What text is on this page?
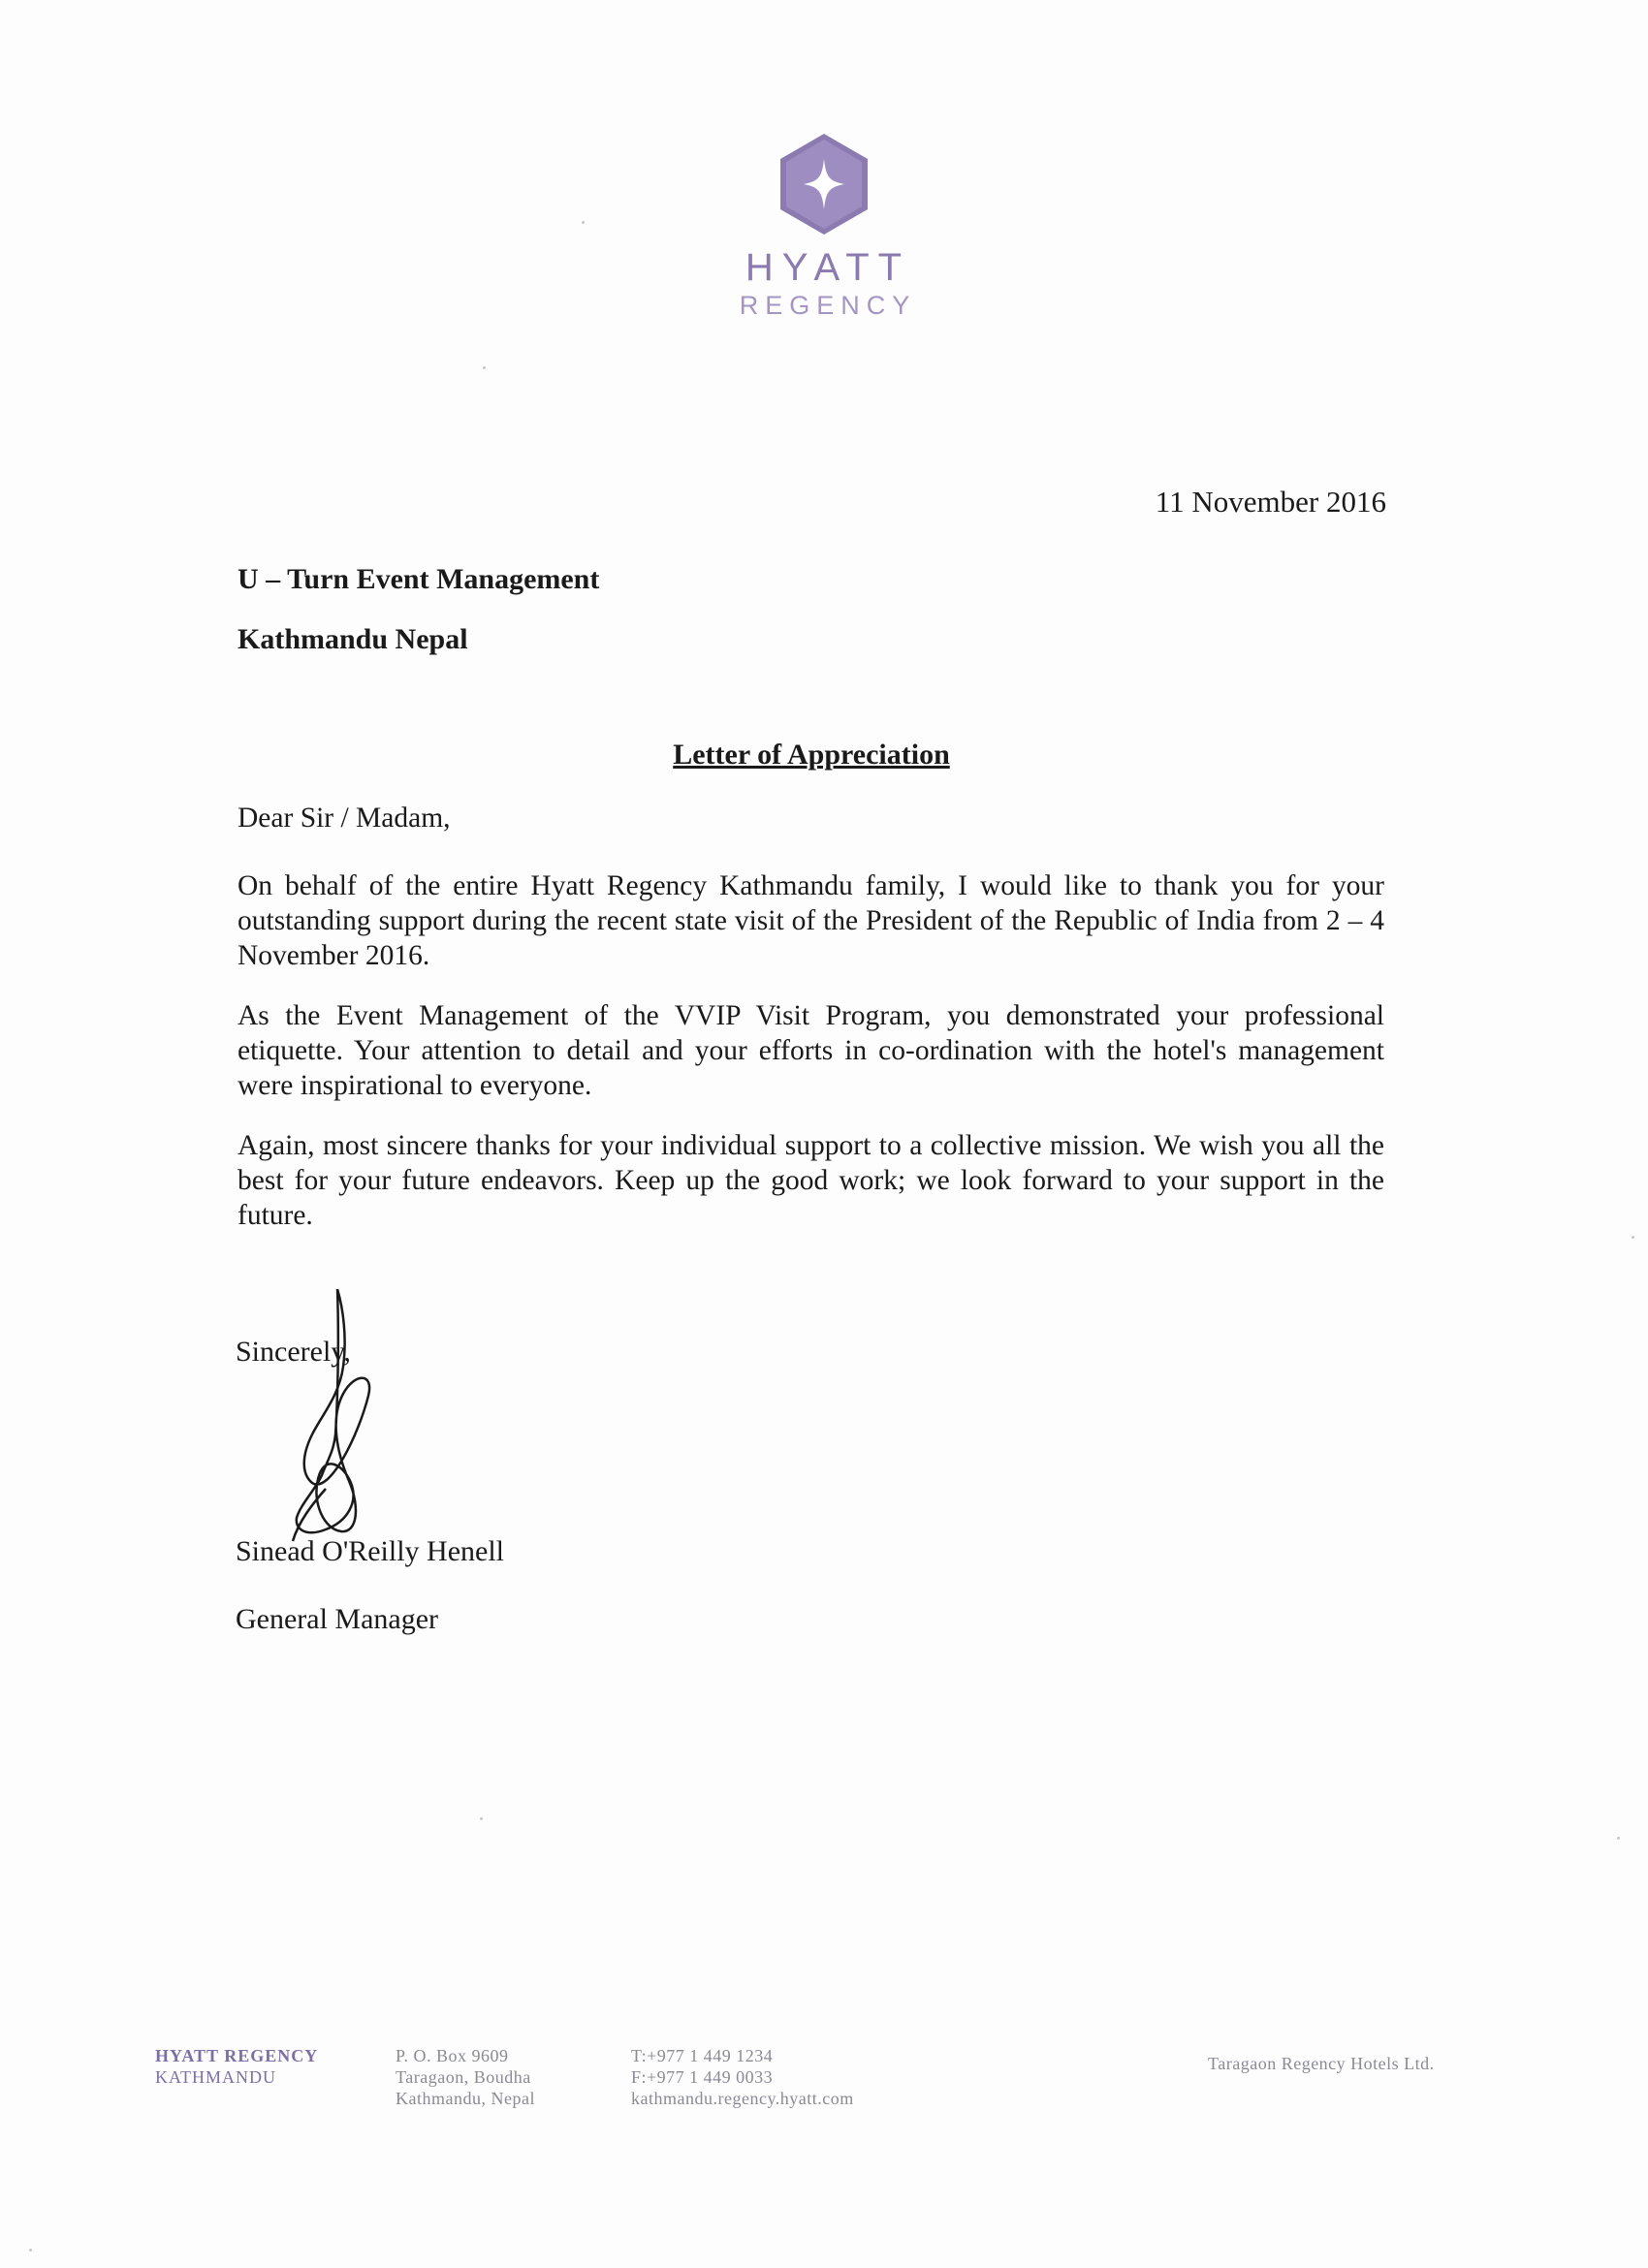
HYATT
REGENCY
11 November 2016
U – Turn Event Management
Kathmandu Nepal
Letter of Appreciation

Dear Sir / Madam,

On behalf of the entire Hyatt Regency Kathmandu family, I would like to thank you for your outstanding support during the recent state visit of the President of the Republic of India from 2 – 4 November 2016.

As the Event Management of the VVIP Visit Program, you demonstrated your professional etiquette. Your attention to detail and your efforts in co-ordination with the hotel's management were inspirational to everyone.

Again, most sincere thanks for your individual support to a collective mission. We wish you all the best for your future endeavors. Keep up the good work; we look forward to your support in the future.

Sincerely,
Sinead O'Reilly Henell
General Manager
HYATT REGENCY
KATHMANDU
P. O. Box 9609
Taragaon, Boudha
Kathmandu, Nepal
T:+977 1 449 1234
F:+977 1 449 0033
kathmandu.regency.hyatt.com
Taragaon Regency Hotels Ltd.
